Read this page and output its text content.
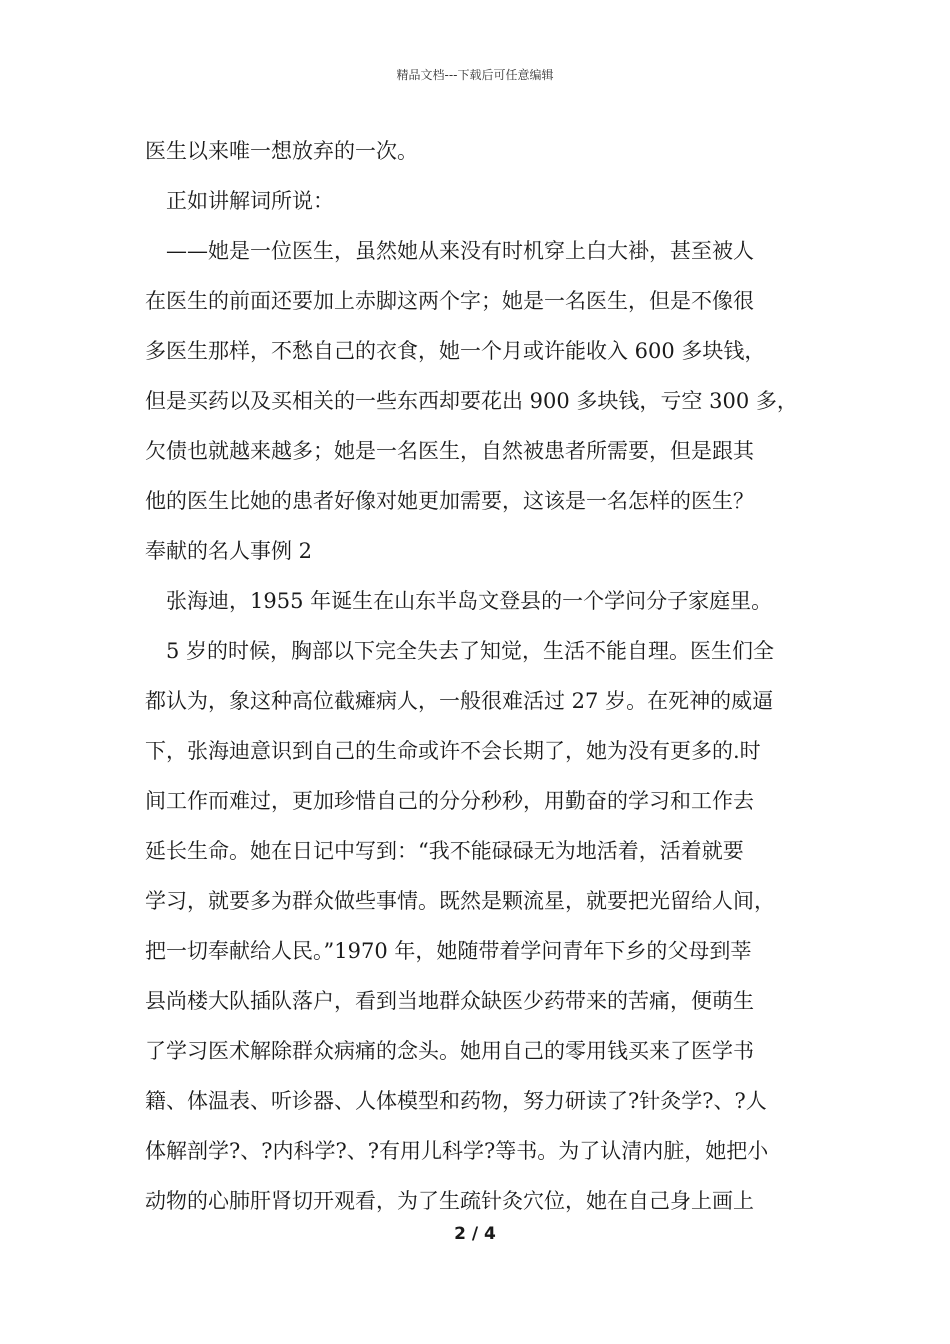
精品文档---下载后可任意编辑

医生以来唯一想放弃的一次。

正如讲解词所说：

——她是一位医生，虽然她从来没有时机穿上白大褂，甚至被人

在医生的前面还要加上赤脚这两个字；她是一名医生，但是不像很

多医生那样，不愁自己的衣食，她一个月或许能收入 600 多块钱，

但是买药以及买相关的一些东西却要花出 900 多块钱，亏空 300 多，

欠债也就越来越多；她是一名医生，自然被患者所需要，但是跟其

他的医生比她的患者好像对她更加需要，这该是一名怎样的医生？

奉献的名人事例 2

张海迪，1955 年诞生在山东半岛文登县的一个学问分子家庭里。

5 岁的时候，胸部以下完全失去了知觉，生活不能自理。医生们全

都认为，象这种高位截瘫病人，一般很难活过 27 岁。在死神的威逼

下，张海迪意识到自己的生命或许不会长期了，她为没有更多的.时

间工作而难过，更加珍惜自己的分分秒秒，用勤奋的学习和工作去

延长生命。她在日记中写到：“我不能碌碌无为地活着，活着就要

学习，就要多为群众做些事情。既然是颗流星，就要把光留给人间，

把一切奉献给人民。”1970 年，她随带着学问青年下乡的父母到莘

县尚楼大队插队落户，看到当地群众缺医少药带来的苦痛，便萌生

了学习医术解除群众病痛的念头。她用自己的零用钱买来了医学书

籍、体温表、听诊器、人体模型和药物，努力研读了?针灸学?、?人

体解剖学?、?内科学?、?有用儿科学?等书。为了认清内脏，她把小

动物的心肺肝肾切开观看，为了生疏针灸穴位，她在自己身上画上

2 / 4
